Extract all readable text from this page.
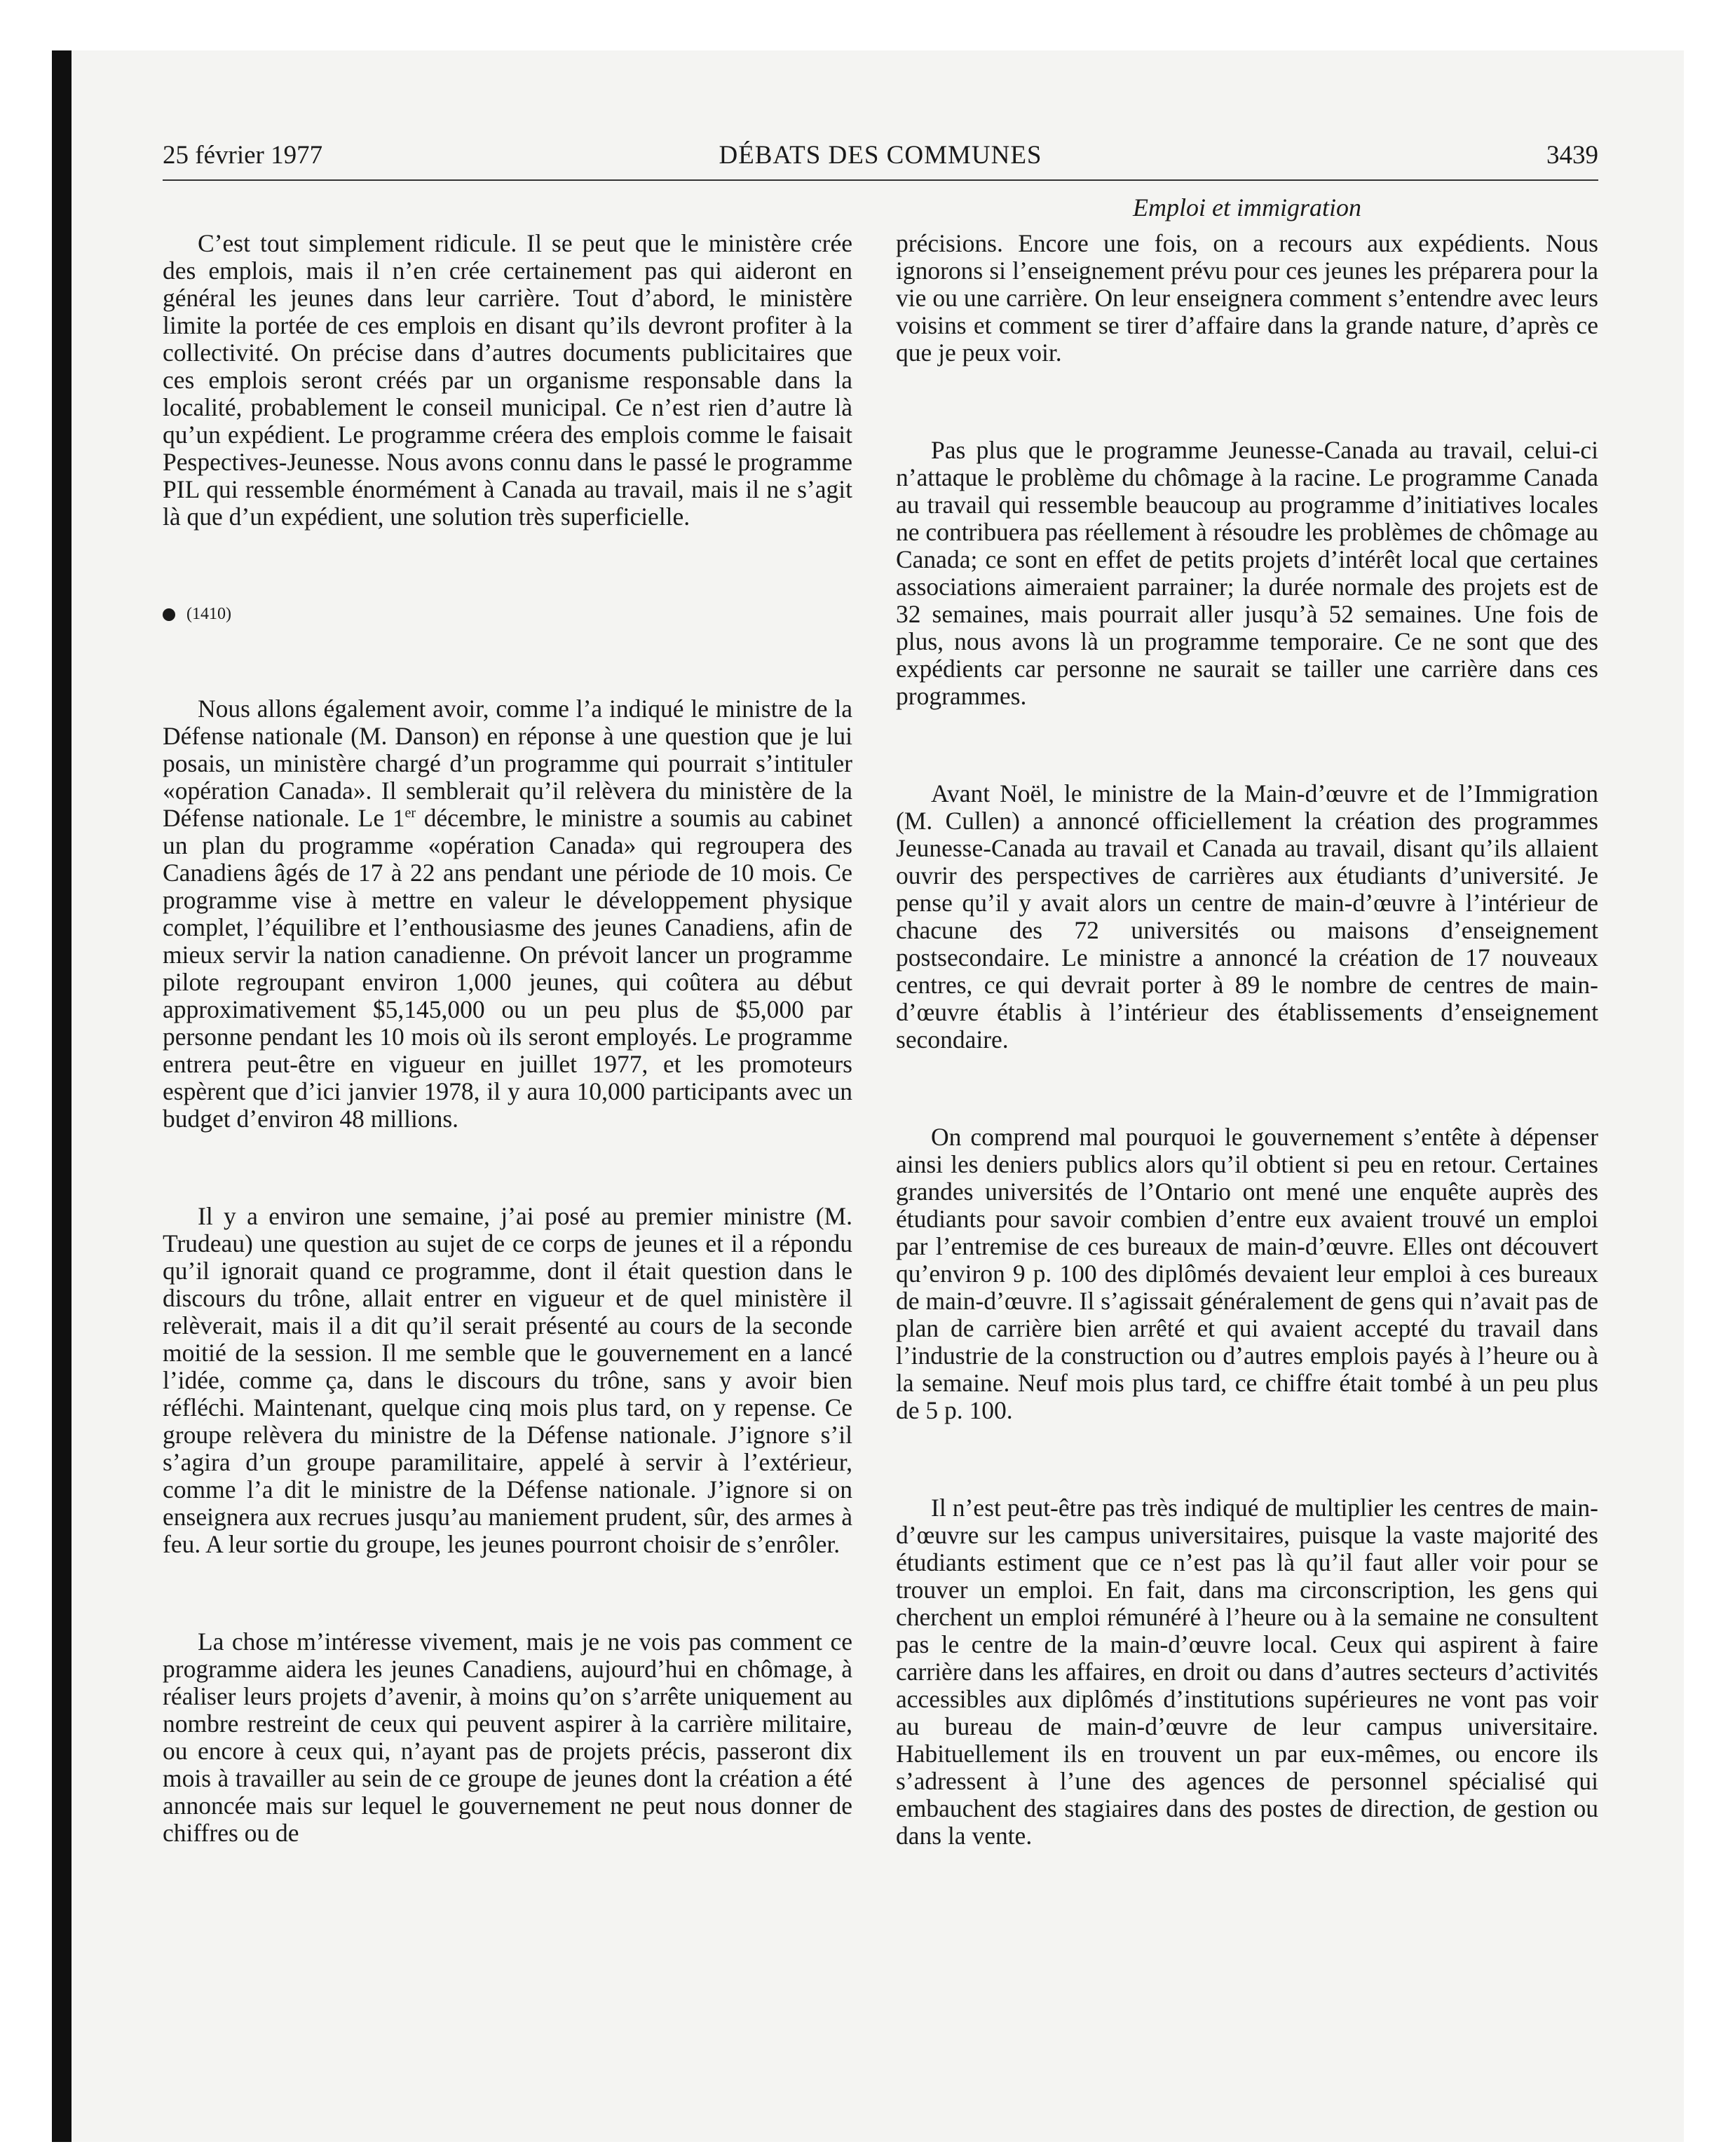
25 février 1977	DÉBATS DES COMMUNES	3439

C’est tout simplement ridicule. Il se peut que le ministère crée des emplois, mais il n’en crée certainement pas qui aideront en général les jeunes dans leur carrière. Tout d’abord, le ministère limite la portée de ces emplois en disant qu’ils devront profiter à la collectivité. On précise dans d’autres documents publicitaires que ces emplois seront créés par un organisme responsable dans la localité, probablement le conseil municipal. Ce n’est rien d’autre là qu’un expédient. Le programme créera des emplois comme le faisait Pespectives-Jeunesse. Nous avons connu dans le passé le programme PIL qui ressemble énormément à Canada au travail, mais il ne s’agit là que d’un expédient, une solution très superficielle.

(1410)

Nous allons également avoir, comme l’a indiqué le ministre de la Défense nationale (M. Danson) en réponse à une question que je lui posais, un ministère chargé d’un programme qui pourrait s’intituler «opération Canada». Il semblerait qu’il relèvera du ministère de la Défense nationale. Le 1er décembre, le ministre a soumis au cabinet un plan du programme «opération Canada» qui regroupera des Canadiens âgés de 17 à 22 ans pendant une période de 10 mois. Ce programme vise à mettre en valeur le développement physique complet, l’équilibre et l’enthousiasme des jeunes Canadiens, afin de mieux servir la nation canadienne. On prévoit lancer un programme pilote regroupant environ 1,000 jeunes, qui coûtera au début approximativement $5,145,000 ou un peu plus de $5,000 par personne pendant les 10 mois où ils seront employés. Le programme entrera peut-être en vigueur en juillet 1977, et les promoteurs espèrent que d’ici janvier 1978, il y aura 10,000 participants avec un budget d’environ 48 millions.

Il y a environ une semaine, j’ai posé au premier ministre (M. Trudeau) une question au sujet de ce corps de jeunes et il a répondu qu’il ignorait quand ce programme, dont il était question dans le discours du trône, allait entrer en vigueur et de quel ministère il relèverait, mais il a dit qu’il serait présenté au cours de la seconde moitié de la session. Il me semble que le gouvernement en a lancé l’idée, comme ça, dans le discours du trône, sans y avoir bien réfléchi. Maintenant, quelque cinq mois plus tard, on y repense. Ce groupe relèvera du ministre de la Défense nationale. J’ignore s’il s’agira d’un groupe paramilitaire, appelé à servir à l’extérieur, comme l’a dit le ministre de la Défense nationale. J’ignore si on enseignera aux recrues jusqu’au maniement prudent, sûr, des armes à feu. A leur sortie du groupe, les jeunes pourront choisir de s’enrôler.

La chose m’intéresse vivement, mais je ne vois pas comment ce programme aidera les jeunes Canadiens, aujourd’hui en chômage, à réaliser leurs projets d’avenir, à moins qu’on s’arrête uniquement au nombre restreint de ceux qui peuvent aspirer à la carrière militaire, ou encore à ceux qui, n’ayant pas de projets précis, passeront dix mois à travailler au sein de ce groupe de jeunes dont la création a été annoncée mais sur lequel le gouvernement ne peut nous donner de chiffres ou de

Emploi et immigration

précisions. Encore une fois, on a recours aux expédients. Nous ignorons si l’enseignement prévu pour ces jeunes les préparera pour la vie ou une carrière. On leur enseignera comment s’entendre avec leurs voisins et comment se tirer d’affaire dans la grande nature, d’après ce que je peux voir.

Pas plus que le programme Jeunesse-Canada au travail, celui-ci n’attaque le problème du chômage à la racine. Le programme Canada au travail qui ressemble beaucoup au programme d’initiatives locales ne contribuera pas réellement à résoudre les problèmes de chômage au Canada; ce sont en effet de petits projets d’intérêt local que certaines associations aimeraient parrainer; la durée normale des projets est de 32 semaines, mais pourrait aller jusqu’à 52 semaines. Une fois de plus, nous avons là un programme temporaire. Ce ne sont que des expédients car personne ne saurait se tailler une carrière dans ces programmes.

Avant Noël, le ministre de la Main-d’œuvre et de l’Immigration (M. Cullen) a annoncé officiellement la création des programmes Jeunesse-Canada au travail et Canada au travail, disant qu’ils allaient ouvrir des perspectives de carrières aux étudiants d’université. Je pense qu’il y avait alors un centre de main-d’œuvre à l’intérieur de chacune des 72 universités ou maisons d’enseignement postsecondaire. Le ministre a annoncé la création de 17 nouveaux centres, ce qui devrait porter à 89 le nombre de centres de main-d’œuvre établis à l’intérieur des établissements d’enseignement secondaire.

On comprend mal pourquoi le gouvernement s’entête à dépenser ainsi les deniers publics alors qu’il obtient si peu en retour. Certaines grandes universités de l’Ontario ont mené une enquête auprès des étudiants pour savoir combien d’entre eux avaient trouvé un emploi par l’entremise de ces bureaux de main-d’œuvre. Elles ont découvert qu’environ 9 p. 100 des diplômés devaient leur emploi à ces bureaux de main-d’œuvre. Il s’agissait généralement de gens qui n’avait pas de plan de carrière bien arrêté et qui avaient accepté du travail dans l’industrie de la construction ou d’autres emplois payés à l’heure ou à la semaine. Neuf mois plus tard, ce chiffre était tombé à un peu plus de 5 p. 100.

Il n’est peut-être pas très indiqué de multiplier les centres de main-d’œuvre sur les campus universitaires, puisque la vaste majorité des étudiants estiment que ce n’est pas là qu’il faut aller voir pour se trouver un emploi. En fait, dans ma circonscription, les gens qui cherchent un emploi rémunéré à l’heure ou à la semaine ne consultent pas le centre de la main-d’œuvre local. Ceux qui aspirent à faire carrière dans les affaires, en droit ou dans d’autres secteurs d’activités accessibles aux diplômés d’institutions supérieures ne vont pas voir au bureau de main-d’œuvre de leur campus universitaire. Habituellement ils en trouvent un par eux-mêmes, ou encore ils s’adressent à l’une des agences de personnel spécialisé qui embauchent des stagiaires dans des postes de direction, de gestion ou dans la vente.
